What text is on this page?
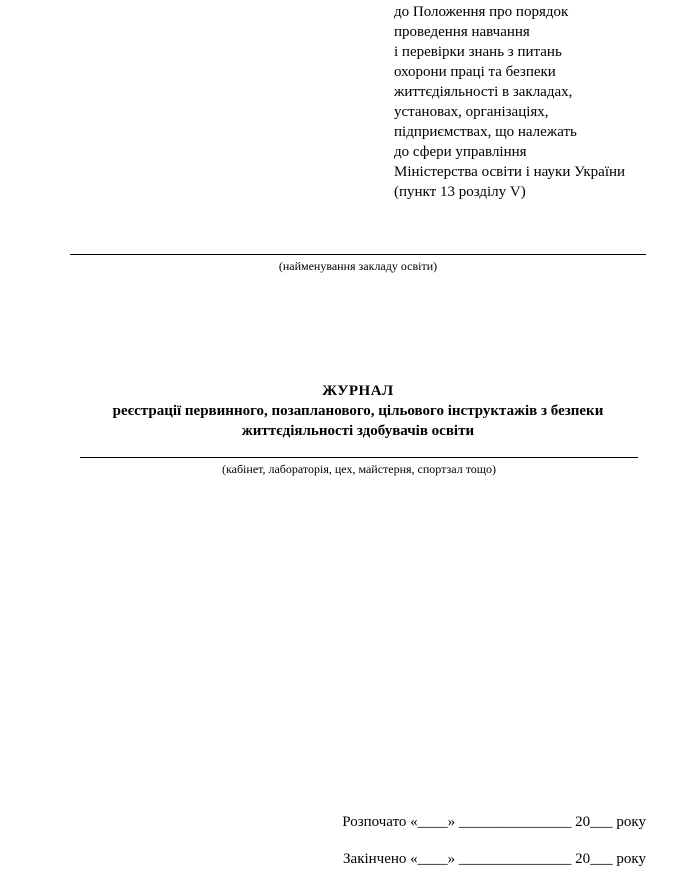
до Положення про порядок
проведення навчання
і перевірки знань з питань
охорони праці та безпеки
життєдіяльності в закладах,
установах, організаціях,
підприємствах, що належать
до сфери управління
Міністерства освіти і науки України
(пункт 13 розділу V)
(найменування закладу освіти)
ЖУРНАЛ
реєстрації первинного, позапланового, цільового інструктажів з безпеки
життєдіяльності здобувачів освіти
(кабінет, лабораторія, цех, майстерня, спортзал тощо)
Розпочато «____» _______________ 20___ року
Закінчено «____» _______________ 20___ року
